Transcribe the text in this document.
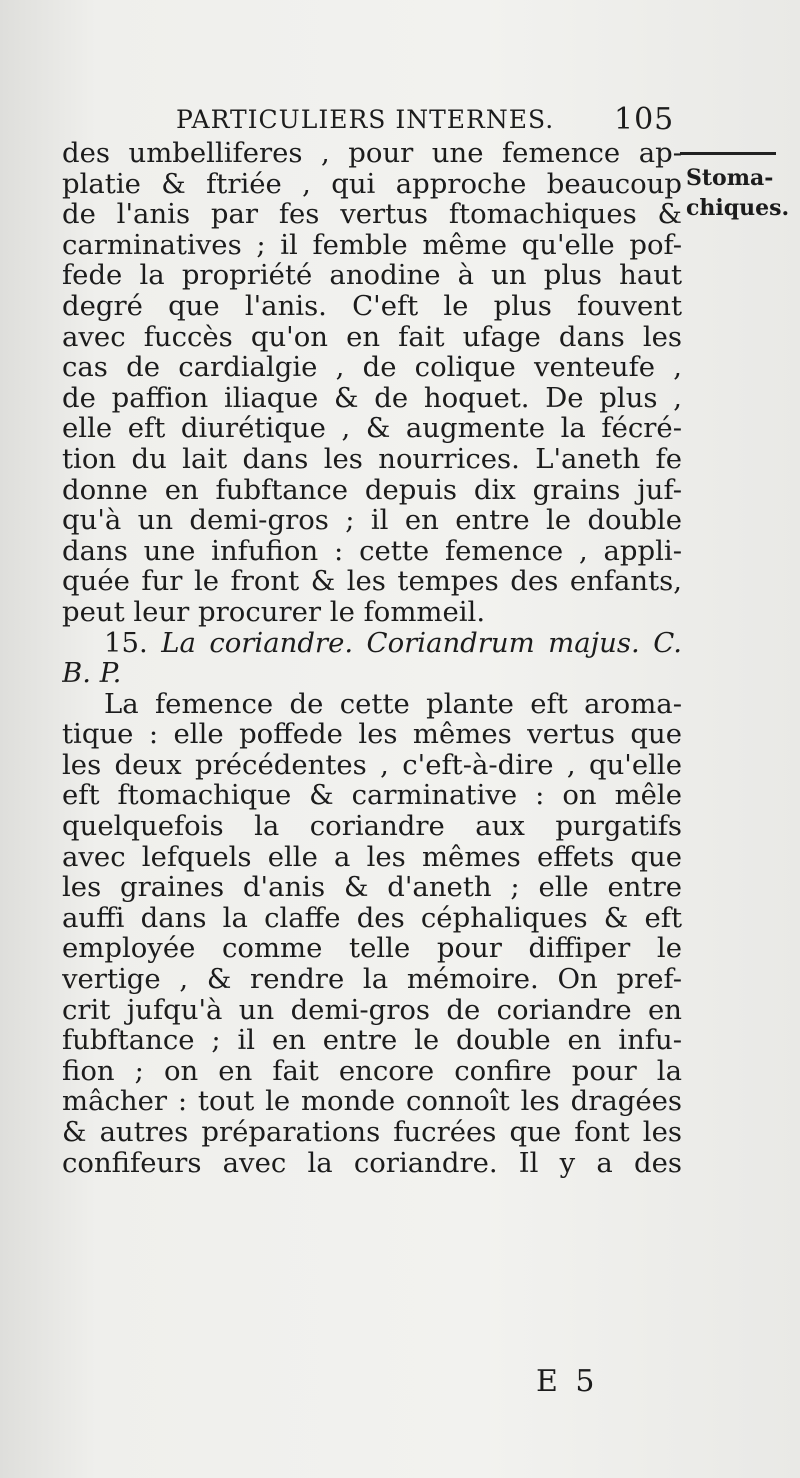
PARTICULIERS INTERNES. 105
Stoma-
chiques.
des umbelliferes , pour une femence ap-
platie & ftriée , qui approche beaucoup
de l'anis par fes vertus ftomachiques &
carminatives ; il femble même qu'elle pof-
fede la propriété anodine à un plus haut
degré que l'anis. C'eft le plus fouvent
avec fuccès qu'on en fait ufage dans les
cas de cardialgie , de colique venteufe ,
de paffion iliaque & de hoquet. De plus ,
elle eft diurétique , & augmente la fécré-
tion du lait dans les nourrices. L'aneth fe
donne en fubftance depuis dix grains juf-
qu'à un demi-gros ; il en entre le double
dans une infufion : cette femence , appli-
quée fur le front & les tempes des enfants,
peut leur procurer le fommeil.
15. La coriandre. Coriandrum majus. C.
B. P.
La femence de cette plante eft aroma-
tique : elle poffede les mêmes vertus que
les deux précédentes , c'eft-à-dire , qu'elle
eft ftomachique & carminative : on mêle
quelquefois la coriandre aux purgatifs
avec lefquels elle a les mêmes effets que
les graines d'anis & d'aneth ; elle entre
auffi dans la claffe des céphaliques & eft
employée comme telle pour diffiper le
vertige , & rendre la mémoire. On pref-
crit jufqu'à un demi-gros de coriandre en
fubftance ; il en entre le double en infu-
fion ; on en fait encore confire pour la
mâcher : tout le monde connoît les dragées
& autres préparations fucrées que font les
confifeurs avec la coriandre. Il y a des
E 5
